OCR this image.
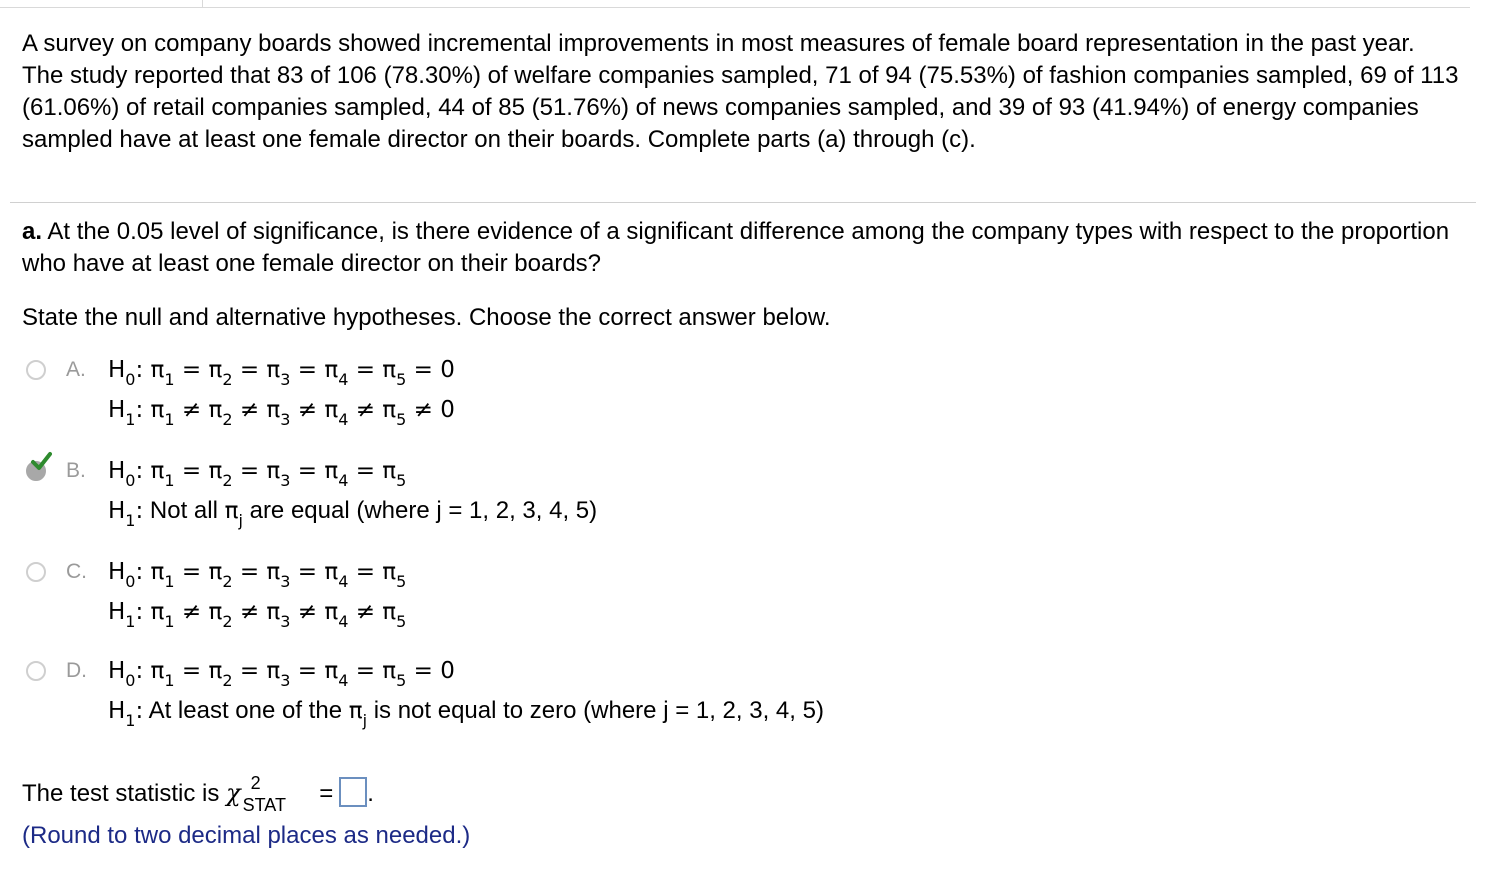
A survey on company boards showed incremental improvements in most measures of female board representation in the past year. The study reported that 83 of 106 (78.30%) of welfare companies sampled, 71 of 94 (75.53%) of fashion companies sampled, 69 of 113 (61.06%) of retail companies sampled, 44 of 85 (51.76%) of news companies sampled, and 39 of 93 (41.94%) of energy companies sampled have at least one female director on their boards. Complete parts (a) through (c).
a. At the 0.05 level of significance, is there evidence of a significant difference among the company types with respect to the proportion who have at least one female director on their boards?
State the null and alternative hypotheses. Choose the correct answer below.
A. $H_0$: $\pi_1 = \pi_2 = \pi_3 = \pi_4 = \pi_5 = 0$
$H_1$: $\pi_1 \ne \pi_2 \ne \pi_3 \ne \pi_4 \ne \pi_5 \ne 0$
B. $H_0$: $\pi_1 = \pi_2 = \pi_3 = \pi_4 = \pi_5$
$H_1$: Not all $\pi_j$ are equal (where j = 1, 2, 3, 4, 5)
C. $H_0$: $\pi_1 = \pi_2 = \pi_3 = \pi_4 = \pi_5$
$H_1$: $\pi_1 \ne \pi_2 \ne \pi_3 \ne \pi_4 \ne \pi_5$
D. $H_0$: $\pi_1 = \pi_2 = \pi_3 = \pi_4 = \pi_5 = 0$
$H_1$: At least one of the $\pi_j$ is not equal to zero (where j = 1, 2, 3, 4, 5)
The test statistic is χ 2
STAT = .
(Round to two decimal places as needed.)
